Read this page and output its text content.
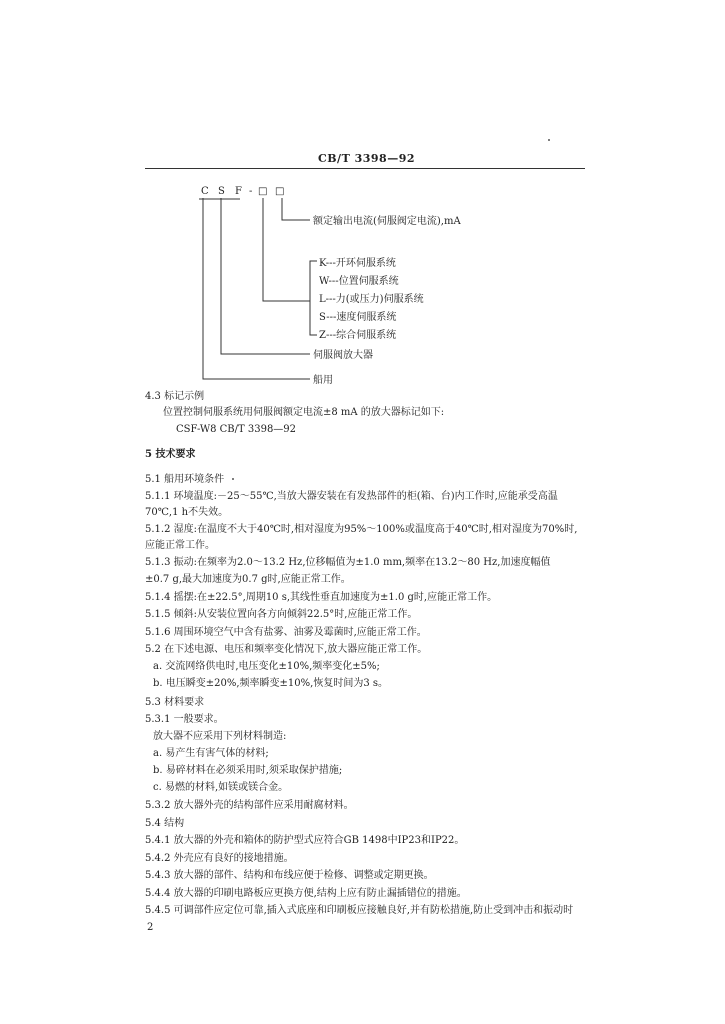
CB/T 3398—92
C S F - □ □
额定输出电流(伺服阀定电流),mA
K---开环伺服系统
W---位置伺服系统
L---力(或压力)伺服系统
S---速度伺服系统
Z---综合伺服系统
伺服阀放大器
船用
4.3 标记示例
位置控制伺服系统用伺服阀额定电流±8 mA 的放大器标记如下:
CSF-W8 CB/T 3398—92
5 技术要求
5.1 船用环境条件
5.1.1 环境温度:－25～55℃,当放大器安装在有发热部件的柜(箱、台)内工作时,应能承受高温
70℃,1 h不失效。
5.1.2 湿度:在温度不大于40℃时,相对湿度为95%～100%或温度高于40℃时,相对湿度为70%时,
应能正常工作。
5.1.3 振动:在频率为2.0～13.2 Hz,位移幅值为±1.0 mm,频率在13.2～80 Hz,加速度幅值
±0.7 g,最大加速度为0.7 g时,应能正常工作。
5.1.4 摇摆:在±22.5°,周期10 s,其线性垂直加速度为±1.0 g时,应能正常工作。
5.1.5 倾斜:从安装位置向各方向倾斜22.5°时,应能正常工作。
5.1.6 周围环境空气中含有盐雾、油雾及霉菌时,应能正常工作。
5.2 在下述电源、电压和频率变化情况下,放大器应能正常工作。
a. 交流网络供电时,电压变化±10%,频率变化±5%;
b. 电压瞬变±20%,频率瞬变±10%,恢复时间为3 s。
5.3 材料要求
5.3.1 一般要求。
放大器不应采用下列材料制造:
a. 易产生有害气体的材料;
b. 易碎材料在必须采用时,须采取保护措施;
c. 易燃的材料,如镁或镁合金。
5.3.2 放大器外壳的结构部件应采用耐腐材料。
5.4 结构
5.4.1 放大器的外壳和箱体的防护型式应符合GB 1498中IP23和IP22。
5.4.2 外壳应有良好的接地措施。
5.4.3 放大器的部件、结构和布线应便于检修、调整或定期更换。
5.4.4 放大器的印刷电路板应更换方便,结构上应有防止漏插错位的措施。
5.4.5 可调部件应定位可靠,插入式底座和印刷板应接触良好,并有防松措施,防止受到冲击和振动时
2
